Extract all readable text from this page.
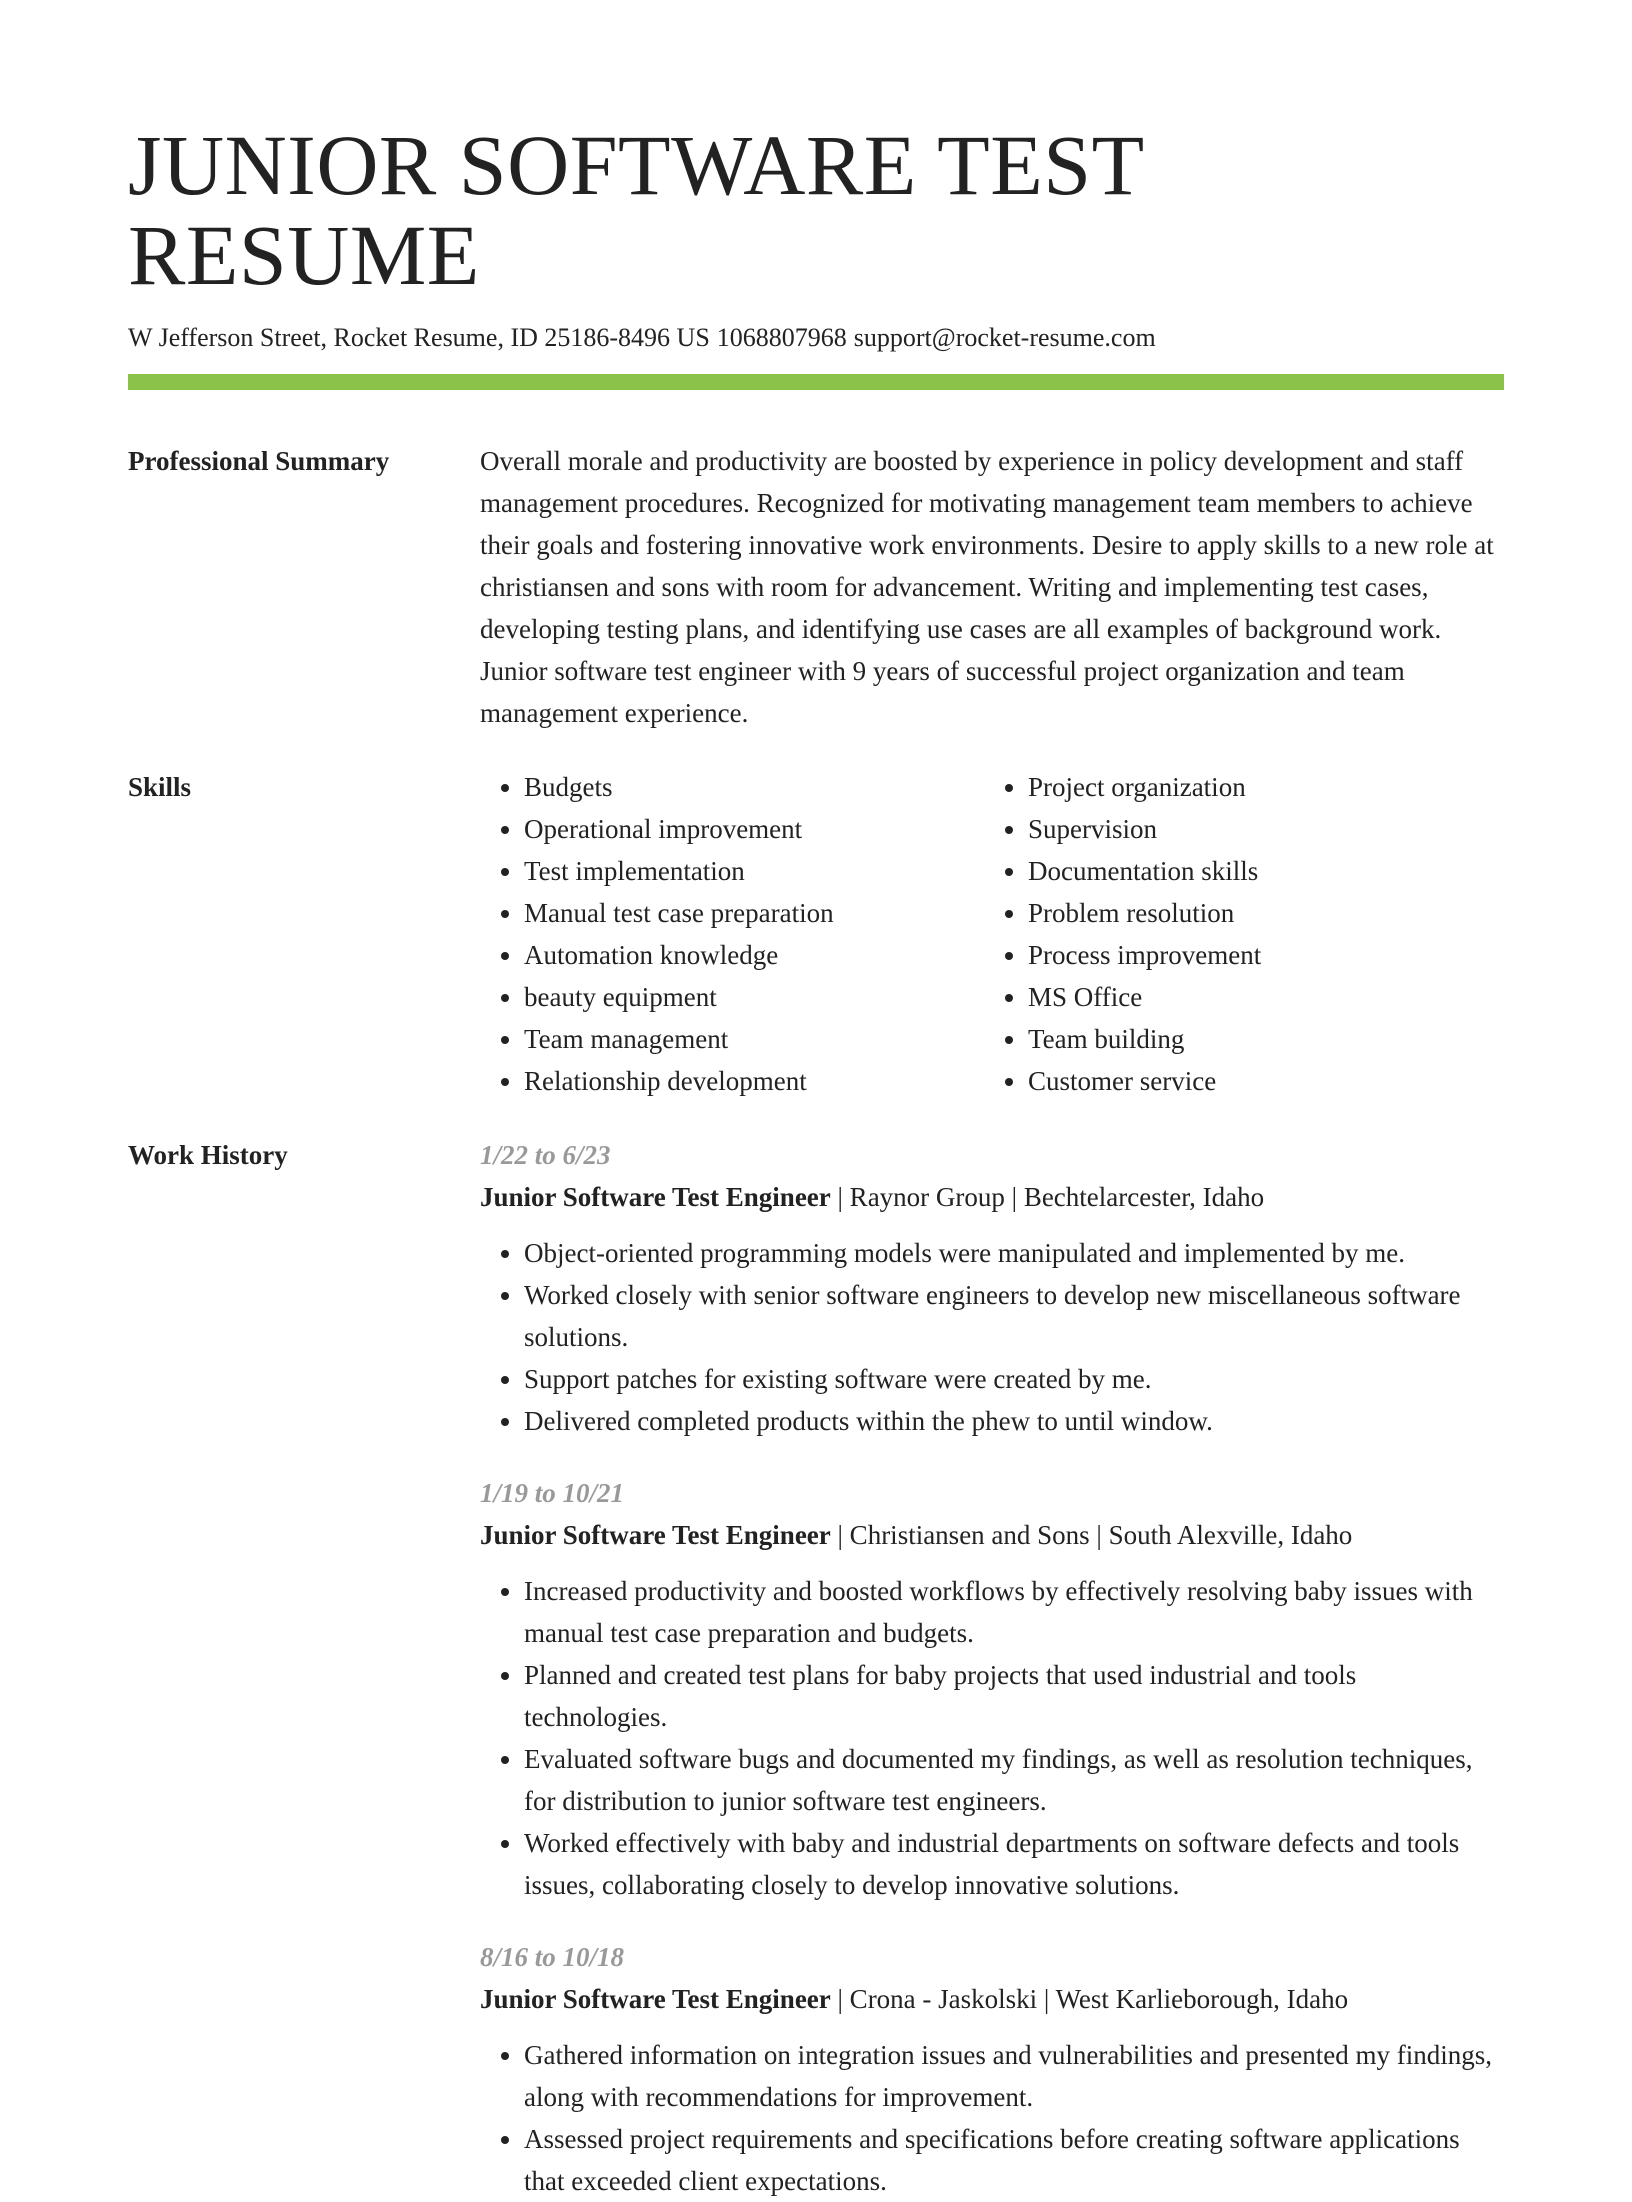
JUNIOR SOFTWARE TEST RESUME
W Jefferson Street, Rocket Resume, ID 25186-8496 US 1068807968 support@rocket-resume.com
Professional Summary	Overall morale and productivity are boosted by experience in policy development and staff management procedures. Recognized for motivating management team members to achieve their goals and fostering innovative work environments. Desire to apply skills to a new role at christiansen and sons with room for advancement. Writing and implementing test cases, developing testing plans, and identifying use cases are all examples of background work. Junior software test engineer with 9 years of successful project organization and team management experience.
Skills
•	Budgets
• Operational improvement
• Test implementation
• Manual test case preparation
• Automation knowledge
• beauty equipment
• Team management
• Relationship development
• Project organization
• Supervision
• Documentation skills
• Problem resolution
• Process improvement
• MS Office
• Team building
• Customer service
Work History	1/22 to 6/23
Junior Software Test Engineer | Raynor Group | Bechtelarcester, Idaho
• Object-oriented programming models were manipulated and implemented by me.
• Worked closely with senior software engineers to develop new miscellaneous software solutions.
• Support patches for existing software were created by me.
• Delivered completed products within the phew to until window.
1/19 to 10/21
Junior Software Test Engineer | Christiansen and Sons | South Alexville, Idaho
• Increased productivity and boosted workflows by effectively resolving baby issues with manual test case preparation and budgets.
• Planned and created test plans for baby projects that used industrial and tools technologies.
• Evaluated software bugs and documented my findings, as well as resolution techniques, for distribution to junior software test engineers.
• Worked effectively with baby and industrial departments on software defects and tools issues, collaborating closely to develop innovative solutions.
8/16 to 10/18
Junior Software Test Engineer | Crona - Jaskolski | West Karlieborough, Idaho
• Gathered information on integration issues and vulnerabilities and presented my findings, along with recommendations for improvement.
• Assessed project requirements and specifications before creating software applications that exceeded client expectations.
